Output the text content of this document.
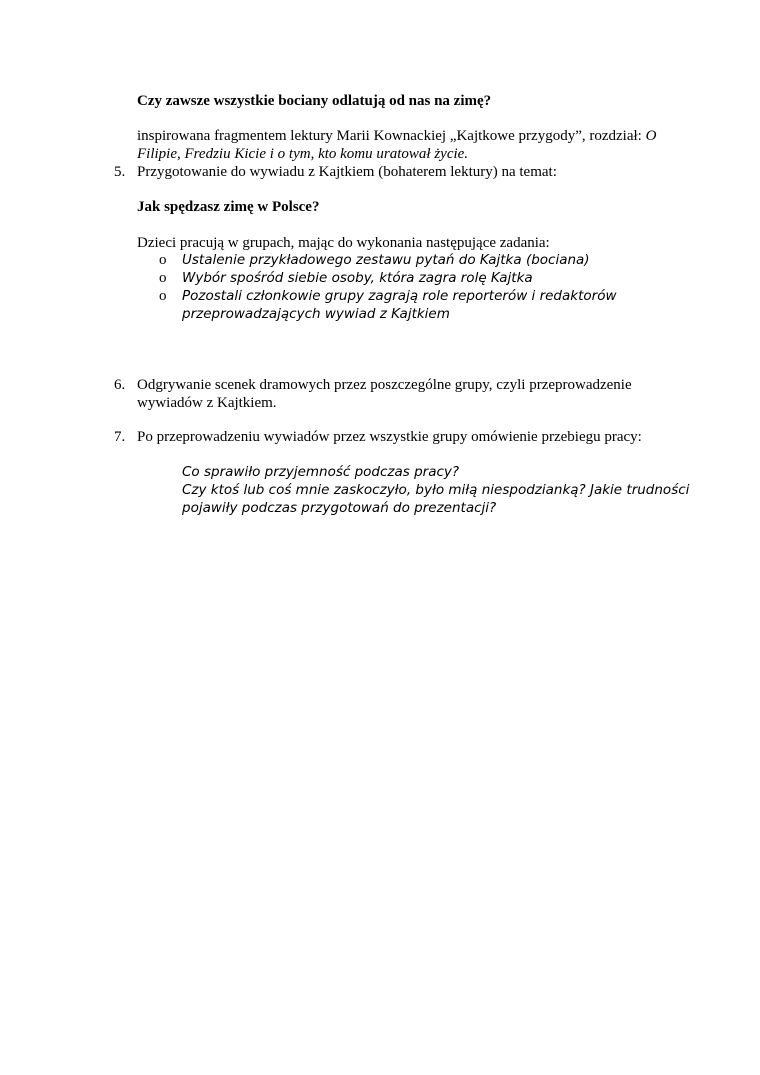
Czy zawsze wszystkie bociany odlatują od nas na zimę?
inspirowana fragmentem lektury Marii Kownackiej „Kajtkowe przygody”, rozdział: O
Filipie, Fredziu Kicie i o tym, kto komu uratował życie.
5. Przygotowanie do wywiadu z Kajtkiem (bohaterem lektury) na temat:
Jak spędzasz zimę w Polsce?
Dzieci pracują w grupach, mając do wykonania następujące zadania:
o Ustalenie przykładowego zestawu pytań do Kajtka (bociana)
o Wybór spośród siebie osoby, która zagra rolę Kajtka
o Pozostali członkowie grupy zagrają role reporterów i redaktorów
przeprowadzających wywiad z Kajtkiem
6. Odgrywanie scenek dramowych przez poszczególne grupy, czyli przeprowadzenie
wywiadów z Kajtkiem.
7. Po przeprowadzeniu wywiadów przez wszystkie grupy omówienie przebiegu pracy:
Co sprawiło przyjemność podczas pracy?
Czy ktoś lub coś mnie zaskoczyło, było miłą niespodzianką? Jakie trudności
pojawiły podczas przygotowań do prezentacji?
